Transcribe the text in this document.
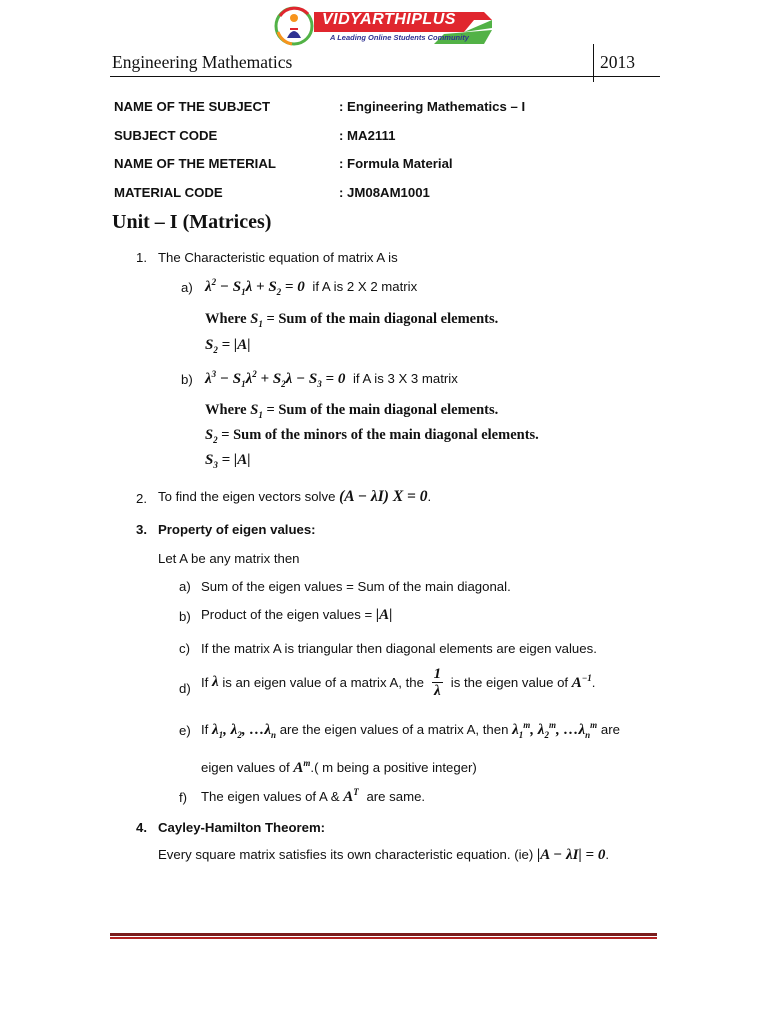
VIDYARTHIPLUS
A Leading Online Students Community
Engineering Mathematics	2013
NAME OF THE SUBJECT	: Engineering Mathematics – I
SUBJECT CODE	: MA2111
NAME OF THE METERIAL	: Formula Material
MATERIAL CODE	: JM08AM1001
Unit – I (Matrices)
1. The Characteristic equation of matrix A is
a) $\lambda^2 - S_1\lambda + S_2 = 0$ if A is 2 X 2 matrix
Where $S_1$ = Sum of the main diagonal elements.
$S_2 = |A|$
b) $\lambda^3 - S_1\lambda^2 + S_2\lambda - S_3 = 0$ if A is 3 X 3 matrix
Where $S_1$ = Sum of the main diagonal elements.
$S_2$ = Sum of the minors of the main diagonal elements.
$S_3 = |A|$
2. To find the eigen vectors solve (A − λI) X = 0.
3. Property of eigen values:
Let A be any matrix then
a) Sum of the eigen values = Sum of the main diagonal.
b) Product of the eigen values = |A|
c) If the matrix A is triangular then diagonal elements are eigen values.
d) If λ is an eigen value of a matrix A, the $\frac{1}{\lambda}$ is the eigen value of $A^{-1}$.
e) If $\lambda_1$, $\lambda_2$, $\dots\lambda_n$ are the eigen values of a matrix A, then $\lambda_1^m$, $\lambda_2^m$, $\dots\lambda_n^m$ are
eigen values of $A^m$.( m being a positive integer)
f) The eigen values of A & $A^T$ are same.
4. Cayley-Hamilton Theorem:
Every square matrix satisfies its own characteristic equation. (ie) |A − λI| = 0.
